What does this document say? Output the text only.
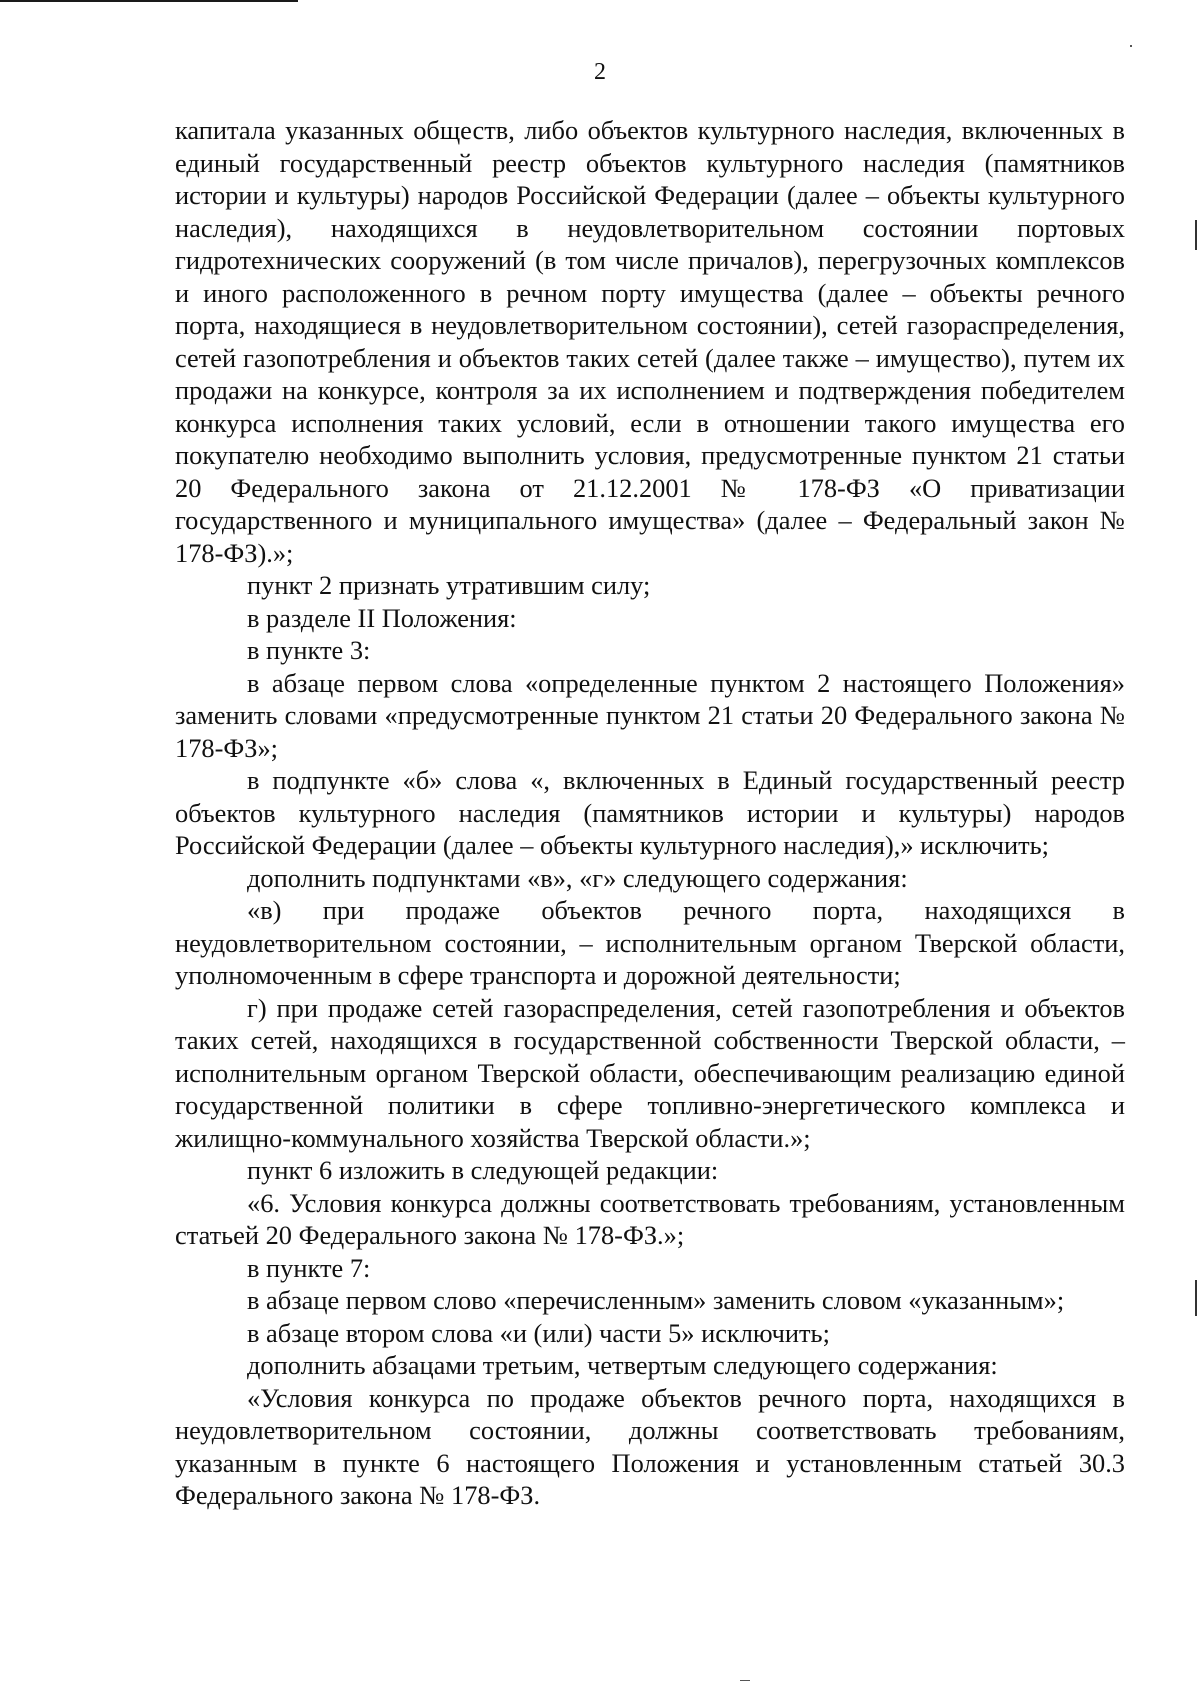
2

капитала указанных обществ, либо объектов культурного наследия, включенных в единый государственный реестр объектов культурного наследия (памятников истории и культуры) народов Российской Федерации (далее – объекты культурного наследия), находящихся в неудовлетворительном состоянии портовых гидротехнических сооружений (в том числе причалов), перегрузочных комплексов и иного расположенного в речном порту имущества (далее – объекты речного порта, находящиеся в неудовлетворительном состоянии), сетей газораспределения, сетей газопотребления и объектов таких сетей (далее также – имущество), путем их продажи на конкурсе, контроля за их исполнением и подтверждения победителем конкурса исполнения таких условий, если в отношении такого имущества его покупателю необходимо выполнить условия, предусмотренные пунктом 21 статьи 20 Федерального закона от 21.12.2001 № 178-ФЗ «О приватизации государственного и муниципального имущества» (далее – Федеральный закон № 178-ФЗ).»;

пункт 2 признать утратившим силу;

в разделе II Положения:

в пункте 3:

в абзаце первом слова «определенные пунктом 2 настоящего Положения» заменить словами «предусмотренные пунктом 21 статьи 20 Федерального закона № 178-ФЗ»;

в подпункте «б» слова «, включенных в Единый государственный реестр объектов культурного наследия (памятников истории и культуры) народов Российской Федерации (далее – объекты культурного наследия),» исключить;

дополнить подпунктами «в», «г» следующего содержания:

«в) при продаже объектов речного порта, находящихся в неудовлетворительном состоянии, – исполнительным органом Тверской области, уполномоченным в сфере транспорта и дорожной деятельности;

г) при продаже сетей газораспределения, сетей газопотребления и объектов таких сетей, находящихся в государственной собственности Тверской области, – исполнительным органом Тверской области, обеспечивающим реализацию единой государственной политики в сфере топливно-энергетического комплекса и жилищно-коммунального хозяйства Тверской области.»;

пункт 6 изложить в следующей редакции:

«6. Условия конкурса должны соответствовать требованиям, установленным статьей 20 Федерального закона № 178-ФЗ.»;

в пункте 7:

в абзаце первом слово «перечисленным» заменить словом «указанным»;

в абзаце втором слова «и (или) части 5» исключить;

дополнить абзацами третьим, четвертым следующего содержания:

«Условия конкурса по продаже объектов речного порта, находящихся в неудовлетворительном состоянии, должны соответствовать требованиям, указанным в пункте 6 настоящего Положения и установленным статьей 30.3 Федерального закона № 178-ФЗ.
